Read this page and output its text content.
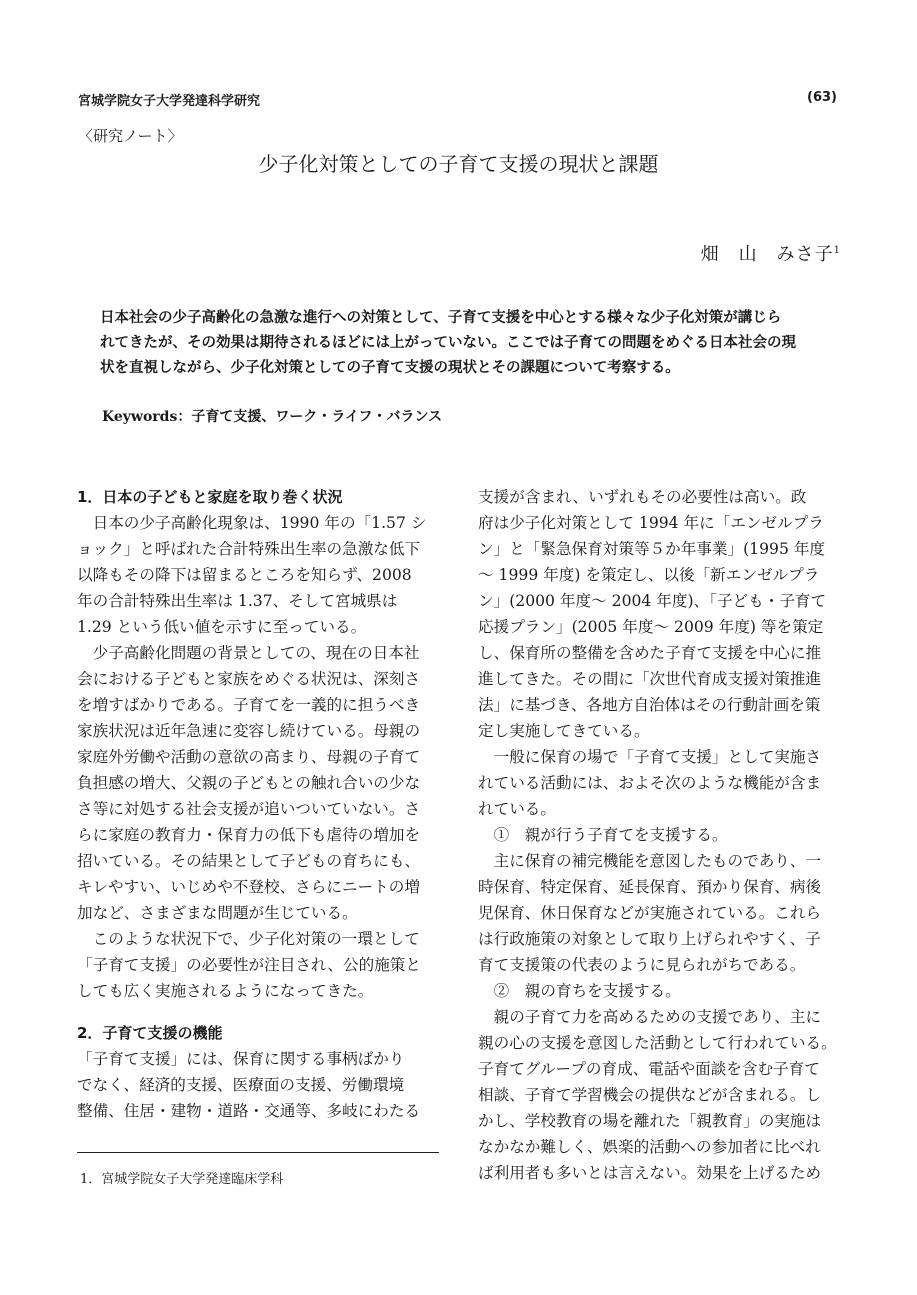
宮城学院女子大学発達科学研究	(63)
〈研究ノート〉
少子化対策としての子育て支援の現状と課題
畑　山　みさ子$^1$
日本社会の少子高齢化の急激な進行への対策として、子育て支援を中心とする様々な少子化対策が講じら
れてきたが、その効果は期待されるほどには上がっていない。ここでは子育ての問題をめぐる日本社会の現
状を直視しながら、少子化対策としての子育て支援の現状とその課題について考察する。
Keywords：子育て支援、ワーク・ライフ・バランス
1．日本の子どもと家庭を取り巻く状況
　日本の少子高齢化現象は、1990 年の「1.57 シ
ョック」と呼ばれた合計特殊出生率の急激な低下
以降もその降下は留まるところを知らず、2008
年の合計特殊出生率は 1.37、そして宮城県は
1.29 という低い値を示すに至っている。
　少子高齢化問題の背景としての、現在の日本社
会における子どもと家族をめぐる状況は、深刻さ
を増すばかりである。子育てを一義的に担うべき
家族状況は近年急速に変容し続けている。母親の
家庭外労働や活動の意欲の高まり、母親の子育て
負担感の増大、父親の子どもとの触れ合いの少な
さ等に対処する社会支援が追いついていない。さ
らに家庭の教育力・保育力の低下も虐待の増加を
招いている。その結果として子どもの育ちにも、
キレやすい、いじめや不登校、さらにニートの増
加など、さまざまな問題が生じている。
　このような状況下で、少子化対策の一環として
「子育て支援」の必要性が注目され、公的施策と
しても広く実施されるようになってきた。
2．子育て支援の機能
「子育て支援」には、保育に関する事柄ばかり
でなく、経済的支援、医療面の支援、労働環境
整備、住居・建物・道路・交通等、多岐にわたる
支援が含まれ、いずれもその必要性は高い。政
府は少子化対策として 1994 年に「エンゼルプラ
ン」と「緊急保育対策等５か年事業」(1995 年度
～ 1999 年度) を策定し、以後「新エンゼルプラ
ン」(2000 年度～ 2004 年度)、「子ども・子育て
応援プラン」(2005 年度～ 2009 年度) 等を策定
し、保育所の整備を含めた子育て支援を中心に推
進してきた。その間に「次世代育成支援対策推進
法」に基づき、各地方自治体はその行動計画を策
定し実施してきている。
　一般に保育の場で「子育て支援」として実施さ
れている活動には、およそ次のような機能が含ま
れている。
　①　親が行う子育てを支援する。
　主に保育の補完機能を意図したものであり、一
時保育、特定保育、延長保育、預かり保育、病後
児保育、休日保育などが実施されている。これら
は行政施策の対象として取り上げられやすく、子
育て支援策の代表のように見られがちである。
　②　親の育ちを支援する。
　親の子育て力を高めるための支援であり、主に
親の心の支援を意図した活動として行われている。
子育てグループの育成、電話や面談を含む子育て
相談、子育て学習機会の提供などが含まれる。し
かし、学校教育の場を離れた「親教育」の実施は
なかなか難しく、娯楽的活動への参加者に比べれ
ば利用者も多いとは言えない。効果を上げるため
1．宮城学院女子大学発達臨床学科
